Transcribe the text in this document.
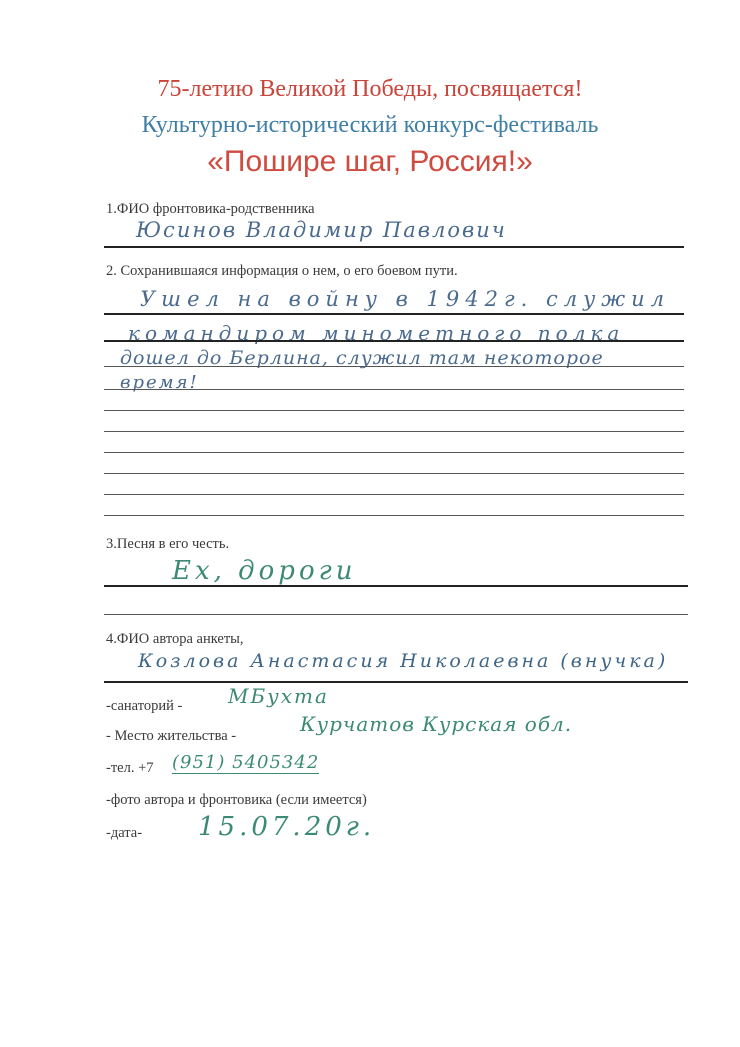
75-летию Великой Победы, посвящается!
Культурно-исторический конкурс-фестиваль
«Пошире шаг, Россия!»
1.ФИО фронтовика-родственника
Юсинов Владимир Павлович
2. Сохранившаяся информация о нем, о его боевом пути.
Ушел на войну в 1942г. служил
командиром минометного полка
дошел до Берлина, служил там некоторое
время!
3.Песня в его честь.
Ех, дороги
4.ФИО автора анкеты,
Козлова Анастасия Николаевна (внучка)
-санаторий - МБухта
- Место жительства -	Курчатов Курская обл.
-тел. +7 (951) 5405342
-фото автора и фронтовика (если имеется)
-дата- 15.07.20г.
